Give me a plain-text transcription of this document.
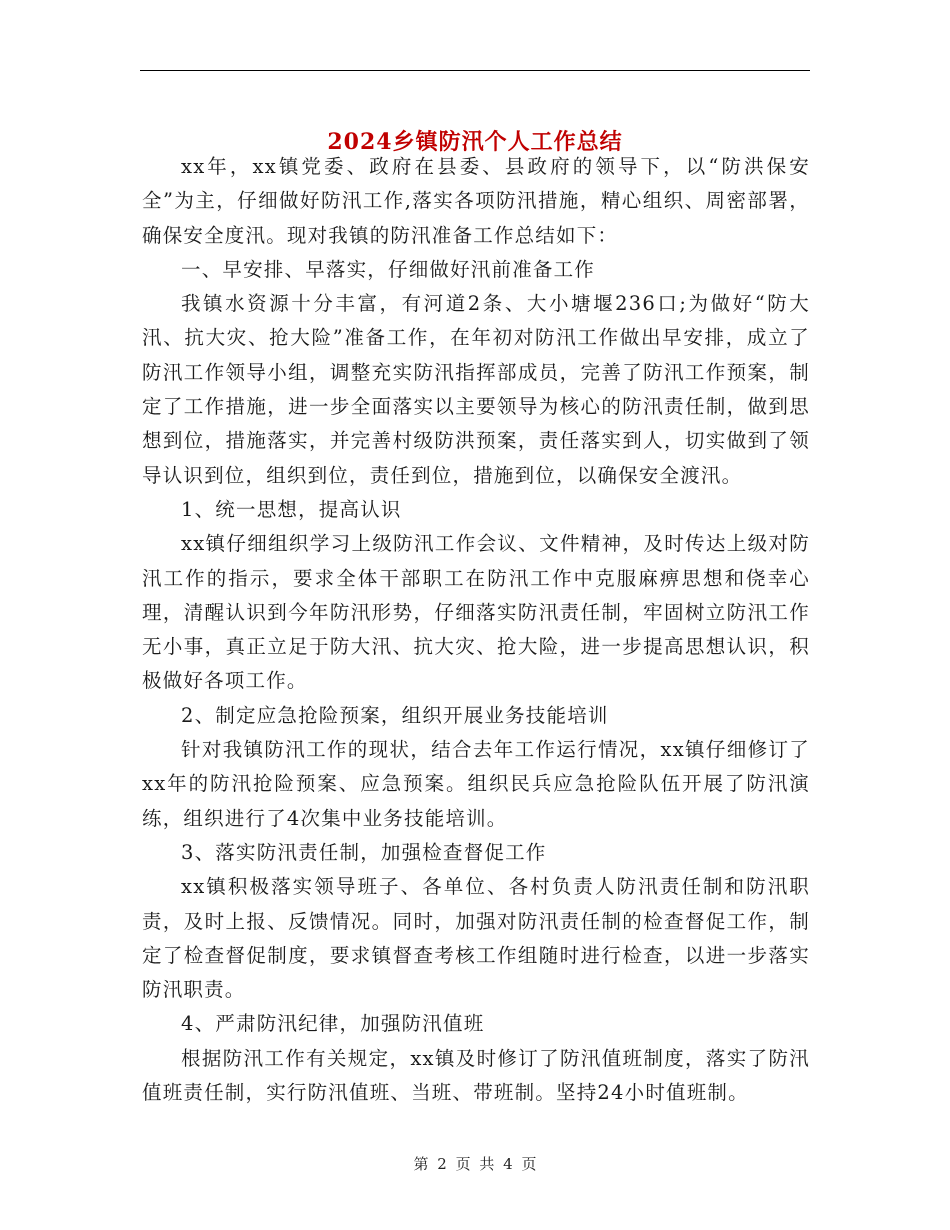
2024乡镇防汛个人工作总结

xx年，xx镇党委、政府在县委、县政府的领导下，以“防洪保安全”为主，仔细做好防汛工作,落实各项防汛措施，精心组织、周密部署，确保安全度汛。现对我镇的防汛准备工作总结如下：

一、早安排、早落实，仔细做好汛前准备工作

我镇水资源十分丰富，有河道2条、大小塘堰236口;为做好“防大汛、抗大灾、抢大险”准备工作，在年初对防汛工作做出早安排，成立了防汛工作领导小组，调整充实防汛指挥部成员，完善了防汛工作预案，制定了工作措施，进一步全面落实以主要领导为核心的防汛责任制，做到思想到位，措施落实，并完善村级防洪预案，责任落实到人，切实做到了领导认识到位，组织到位，责任到位，措施到位，以确保安全渡汛。

1、统一思想，提高认识

xx镇仔细组织学习上级防汛工作会议、文件精神，及时传达上级对防汛工作的指示，要求全体干部职工在防汛工作中克服麻痹思想和侥幸心理，清醒认识到今年防汛形势，仔细落实防汛责任制，牢固树立防汛工作无小事，真正立足于防大汛、抗大灾、抢大险，进一步提高思想认识，积极做好各项工作。

2、制定应急抢险预案，组织开展业务技能培训

针对我镇防汛工作的现状，结合去年工作运行情况，xx镇仔细修订了xx年的防汛抢险预案、应急预案。组织民兵应急抢险队伍开展了防汛演练，组织进行了4次集中业务技能培训。

3、落实防汛责任制，加强检查督促工作

xx镇积极落实领导班子、各单位、各村负责人防汛责任制和防汛职责，及时上报、反馈情况。同时，加强对防汛责任制的检查督促工作，制定了检查督促制度，要求镇督查考核工作组随时进行检查，以进一步落实防汛职责。

4、严肃防汛纪律，加强防汛值班

根据防汛工作有关规定，xx镇及时修订了防汛值班制度，落实了防汛值班责任制，实行防汛值班、当班、带班制。坚持24小时值班制。

第 2 页 共 4 页
